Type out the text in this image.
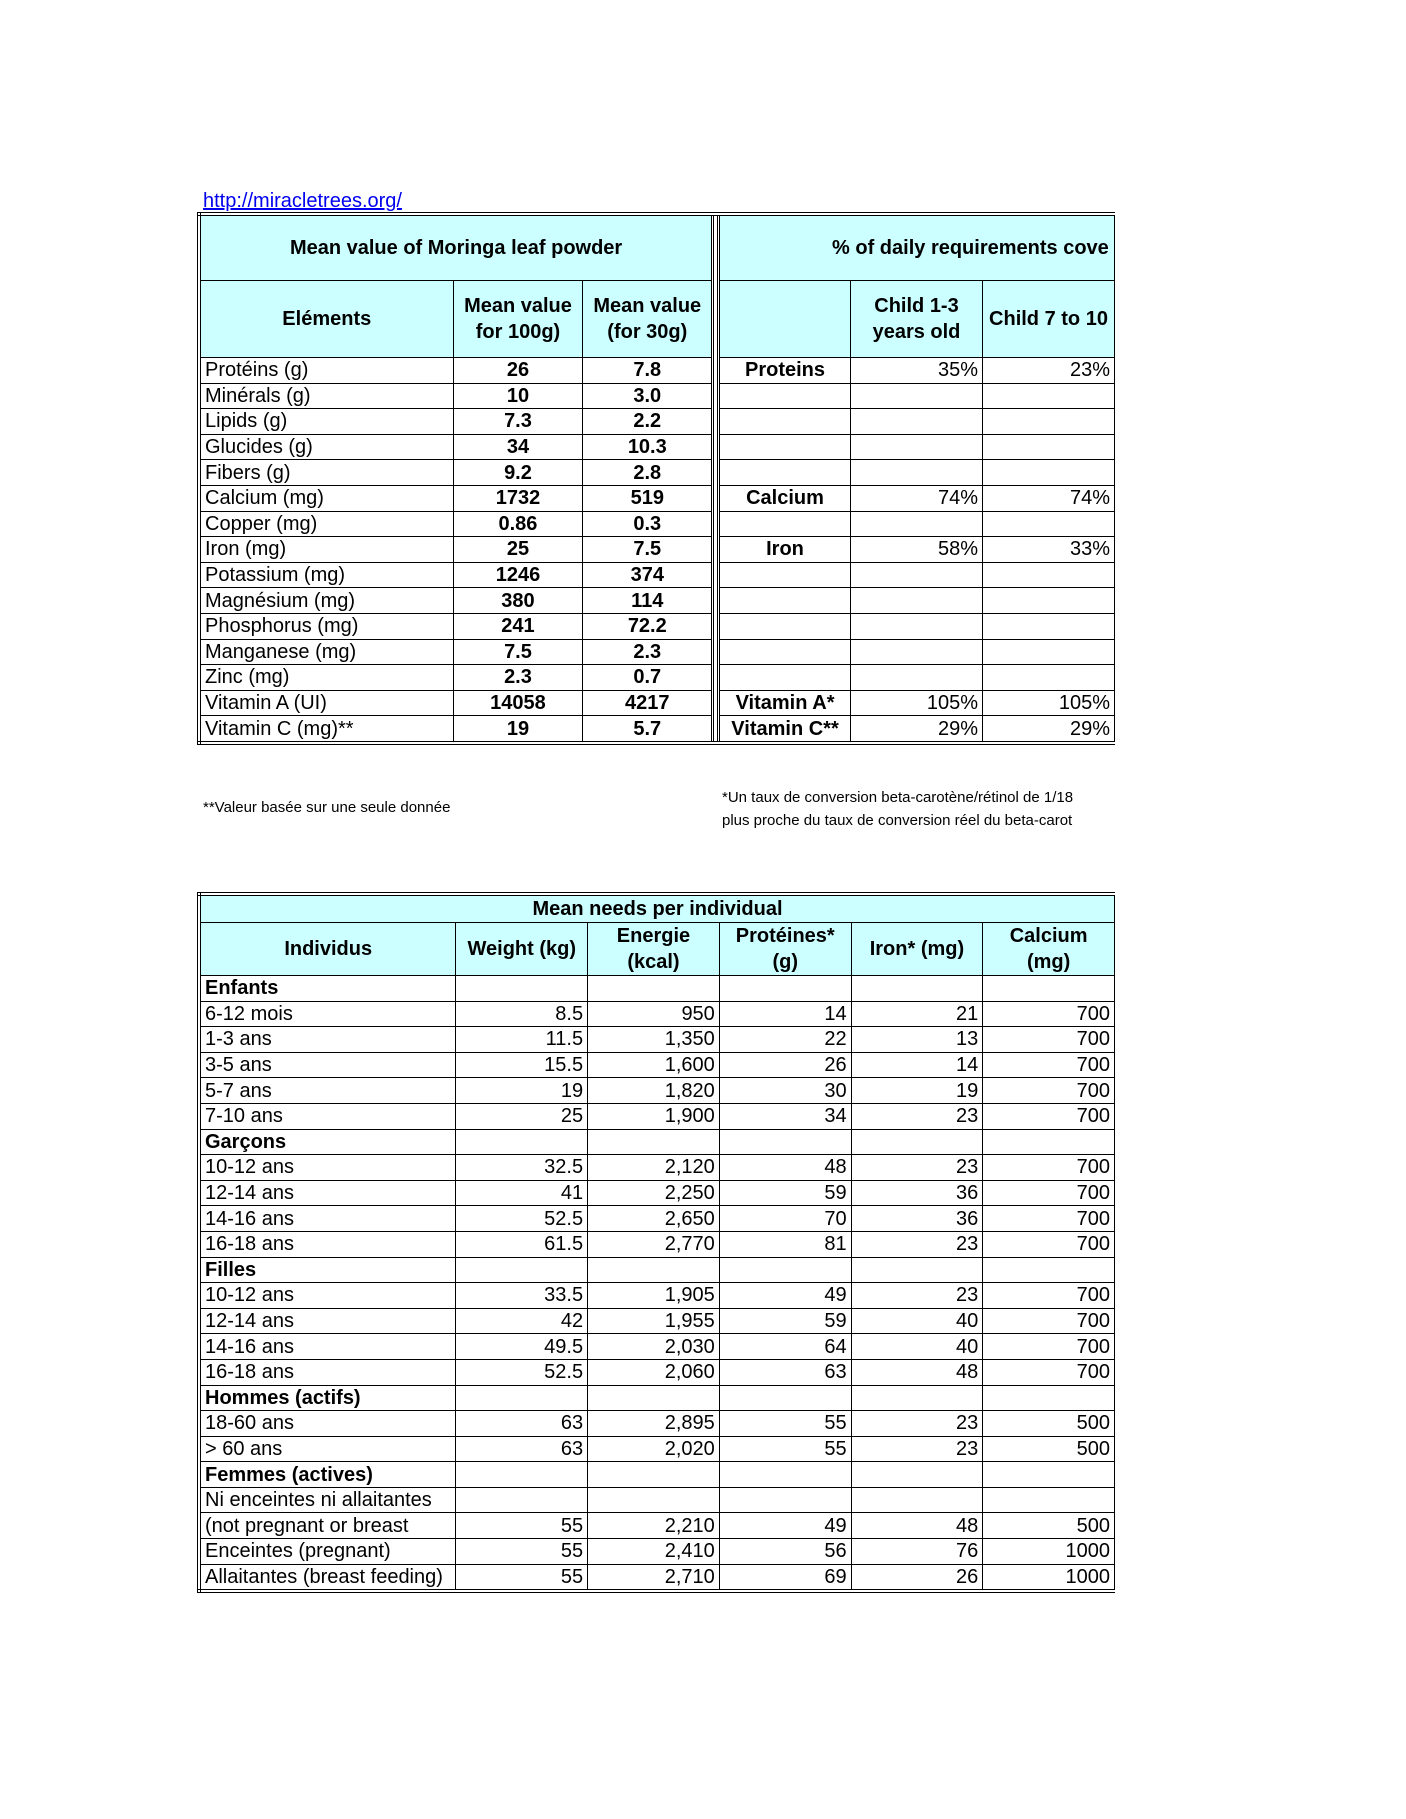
http://miracletrees.org/
Mean value of Moringa leaf powder				% of daily requirements cove		
Eléments	Mean value for 100g)	Mean value (for 30g)			Child 1-3 years old	Child 7 to 10
Protéins (g)	26	7.8		Proteins	35%	23%
Minérals (g)	10	3.0				
Lipids (g)	7.3	2.2				
Glucides (g)	34	10.3				
Fibers (g)	9.2	2.8				
Calcium (mg)	1732	519		Calcium	74%	74%
Copper (mg)	0.86	0.3				
Iron (mg)	25	7.5		Iron	58%	33%
Potassium (mg)	1246	374				
Magnésium (mg)	380	114				
Phosphorus (mg)	241	72.2				
Manganese (mg)	7.5	2.3				
Zinc (mg)	2.3	0.7				
Vitamin A (UI)	14058	4217		Vitamin A*	105%	105%
Vitamin C (mg)**	19	5.7		Vitamin C**	29%	29%
**Valeur basée sur une seule donnée
*Un taux de conversion beta-carotène/rétinol de 1/18
plus proche du taux de conversion réel du beta-carot
Mean needs per individual					
Individus	Weight (kg)	Energie (kcal)	Protéines* (g)	Iron* (mg)	Calcium (mg)
Enfants					
6-12 mois	8.5	950	14	21	700
1-3 ans	11.5	1,350	22	13	700
3-5 ans	15.5	1,600	26	14	700
5-7 ans	19	1,820	30	19	700
7-10 ans	25	1,900	34	23	700
Garçons					
10-12 ans	32.5	2,120	48	23	700
12-14 ans	41	2,250	59	36	700
14-16 ans	52.5	2,650	70	36	700
16-18 ans	61.5	2,770	81	23	700
Filles					
10-12 ans	33.5	1,905	49	23	700
12-14 ans	42	1,955	59	40	700
14-16 ans	49.5	2,030	64	40	700
16-18 ans	52.5	2,060	63	48	700
Hommes (actifs)					
18-60 ans	63	2,895	55	23	500
> 60 ans	63	2,020	55	23	500
Femmes (actives)					
Ni enceintes ni allaitantes					
(not pregnant or breast	55	2,210	49	48	500
Enceintes (pregnant)	55	2,410	56	76	1000
Allaitantes (breast feeding)	55	2,710	69	26	1000
